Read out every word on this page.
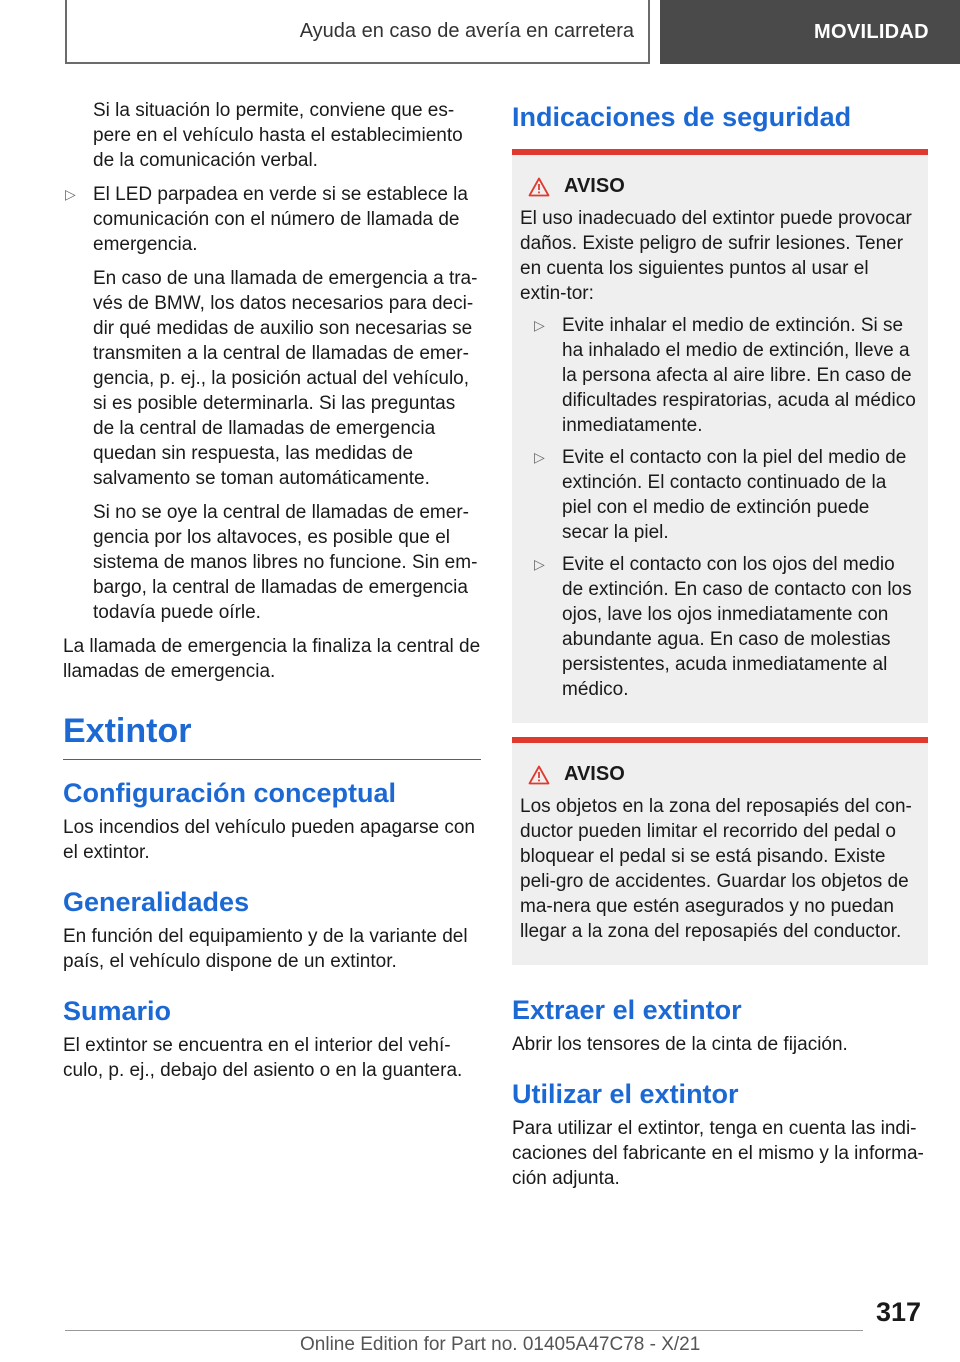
Ayuda en caso de avería en carretera	MOVILIDAD

Si la situación lo permite, conviene que es-pere en el vehículo hasta el establecimiento de la comunicación verbal.

▷ El LED parpadea en verde si se establece la comunicación con el número de llamada de emergencia.

En caso de una llamada de emergencia a tra-vés de BMW, los datos necesarios para deci-dir qué medidas de auxilio son necesarias se transmiten a la central de llamadas de emer-gencia, p. ej., la posición actual del vehículo, si es posible determinarla. Si las preguntas de la central de llamadas de emergencia quedan sin respuesta, las medidas de salvamento se toman automáticamente.

Si no se oye la central de llamadas de emer-gencia por los altavoces, es posible que el sistema de manos libres no funcione. Sin em-bargo, la central de llamadas de emergencia todavía puede oírle.

La llamada de emergencia la finaliza la central de llamadas de emergencia.

Extintor
Configuración conceptual

Los incendios del vehículo pueden apagarse con el extintor.

Generalidades

En función del equipamiento y de la variante del país, el vehículo dispone de un extintor.

Sumario

El extintor se encuentra en el interior del vehí-culo, p. ej., debajo del asiento o en la guantera.

Indicaciones de seguridad
AVISO

El uso inadecuado del extintor puede provocar daños. Existe peligro de sufrir lesiones. Tener en cuenta los siguientes puntos al usar el extin-tor:

▷ Evite inhalar el medio de extinción. Si se ha inhalado el medio de extinción, lleve a la persona afecta al aire libre. En caso de dificultades respiratorias, acuda al médico inmediatamente.
▷ Evite el contacto con la piel del medio de extinción. El contacto continuado de la piel con el medio de extinción puede secar la piel.
▷ Evite el contacto con los ojos del medio de extinción. En caso de contacto con los ojos, lave los ojos inmediatamente con abundante agua. En caso de molestias persistentes, acuda inmediatamente al médico.
AVISO

Los objetos en la zona del reposapiés del con-ductor pueden limitar el recorrido del pedal o bloquear el pedal si se está pisando. Existe peli-gro de accidentes. Guardar los objetos de ma-nera que estén asegurados y no puedan llegar a la zona del reposapiés del conductor.

Extraer el extintor

Abrir los tensores de la cinta de fijación.

Utilizar el extintor

Para utilizar el extintor, tenga en cuenta las indi-caciones del fabricante en el mismo y la informa-ción adjunta.

317
Online Edition for Part no. 01405A47C78 - X/21
